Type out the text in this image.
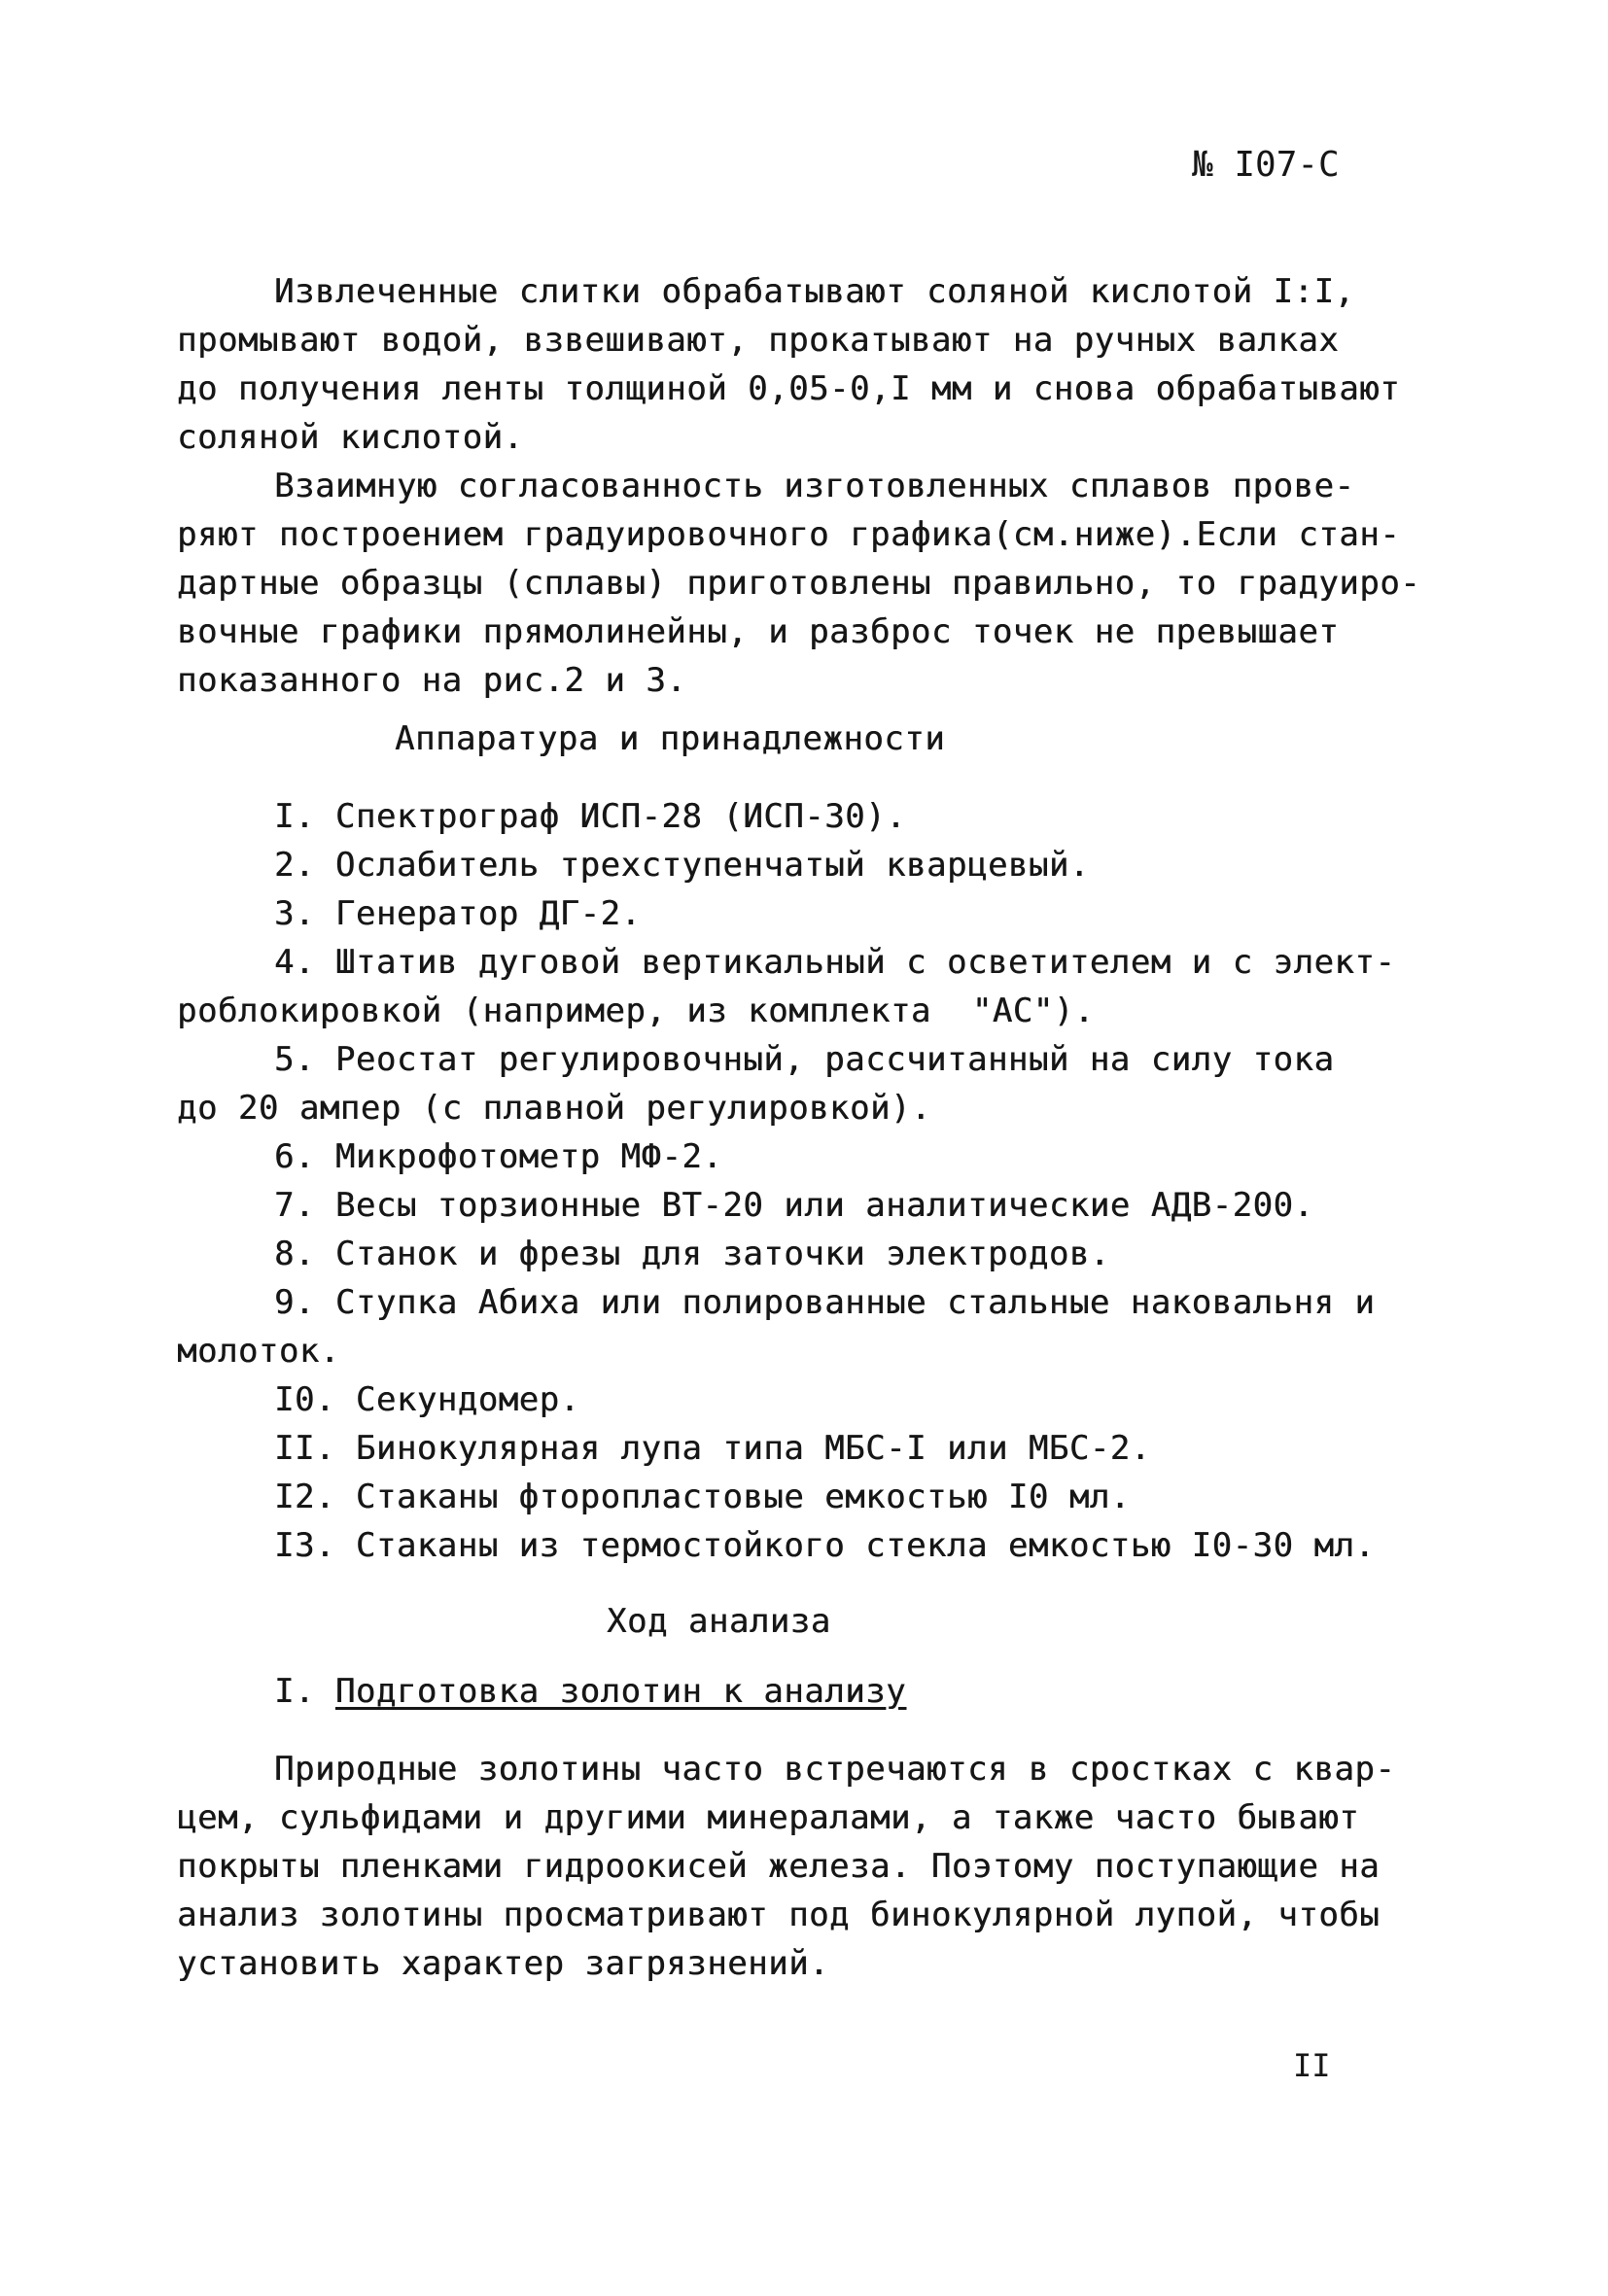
№ I07-С
Извлеченные слитки обрабатывают соляной кислотой I:I,
промывают водой, взвешивают, прокатывают на ручных валках
до получения ленты толщиной 0,05-0,I мм и снова обрабатывают
соляной кислотой.
Взаимную согласованность изготовленных сплавов прове-
ряют построением градуировочного графика(см.ниже).Если стан-
дартные образцы (сплавы) приготовлены правильно, то градуиро-
вочные графики прямолинейны, и разброс точек не превышает
показанного на рис.2 и 3.
Аппаратура и принадлежности
I. Спектрограф ИСП-28 (ИСП-30).
2. Ослабитель трехступенчатый кварцевый.
3. Генератор ДГ-2.
4. Штатив дуговой вертикальный с осветителем и с элект-
роблокировкой (например, из комплекта  "АС").
5. Реостат регулировочный, рассчитанный на силу тока
до 20 ампер (с плавной регулировкой).
6. Микрофотометр МФ-2.
7. Весы торзионные ВТ-20 или аналитические АДВ-200.
8. Станок и фрезы для заточки электродов.
9. Ступка Абиха или полированные стальные наковальня и
молоток.
I0. Секундомер.
II. Бинокулярная лупа типа МБС-I или МБС-2.
I2. Стаканы фторопластовые емкостью I0 мл.
I3. Стаканы из термостойкого стекла емкостью I0-30 мл.
Ход анализа
I. Подготовка золотин к анализу
Природные золотины часто встречаются в сростках с квар-
цем, сульфидами и другими минералами, а также часто бывают
покрыты пленками гидроокисей железа. Поэтому поступающие на
анализ золотины просматривают под бинокулярной лупой, чтобы
установить характер загрязнений.
II
